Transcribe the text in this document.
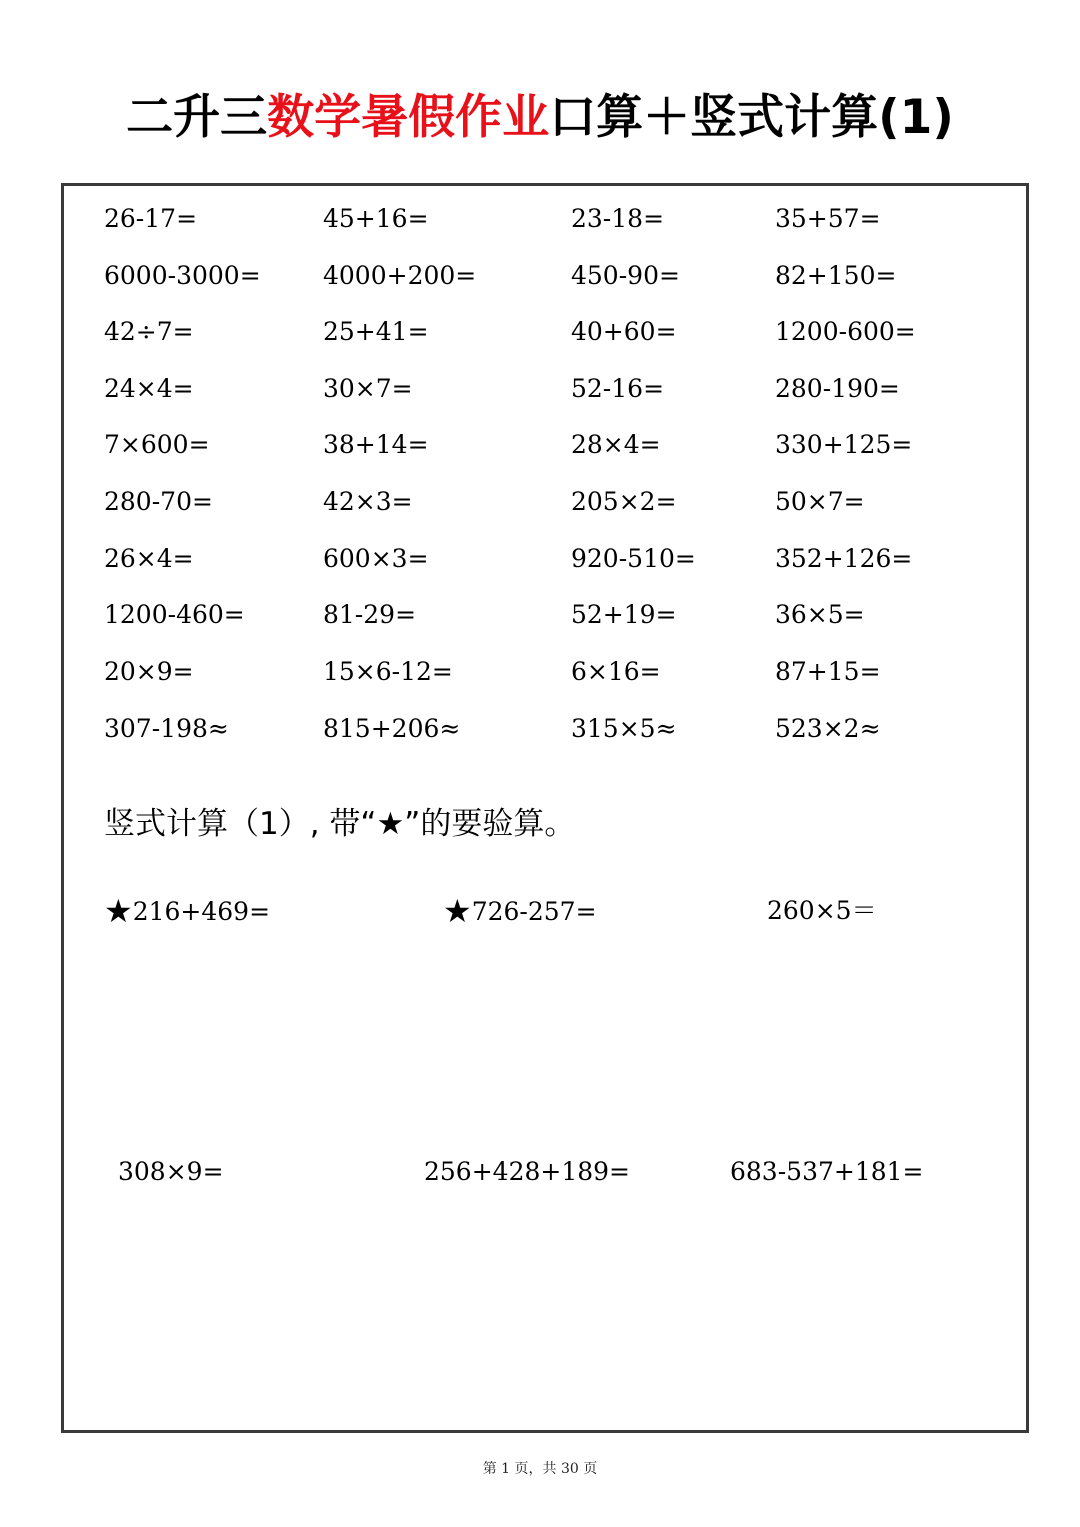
二升三数学暑假作业口算＋竖式计算(1)
26-17=	45+16=	23-18=	35+57=
6000-3000= 4000+200=	450-90=	82+150=
42÷7=	25+41=	40+60=	1200-600=
24×4=	30×7=	52-16=	280-190=
7×600=	38+14=	28×4=	330+125=
280-70=	42×3=	205×2=	50×7=
26×4=	600×3=	920-510=	352+126=
1200-460=	81-29=	52+19=	36×5=
20×9=	15×6-12=	6×16=	87+15=
307-198≈	815+206≈	315×5≈	523×2≈
竖式计算（1）, 带“★”的要验算。
★216+469=	★726-257=	260×5＝
308×9=	256+428+189=	683-537+181=
第 1 页，共 30 页
